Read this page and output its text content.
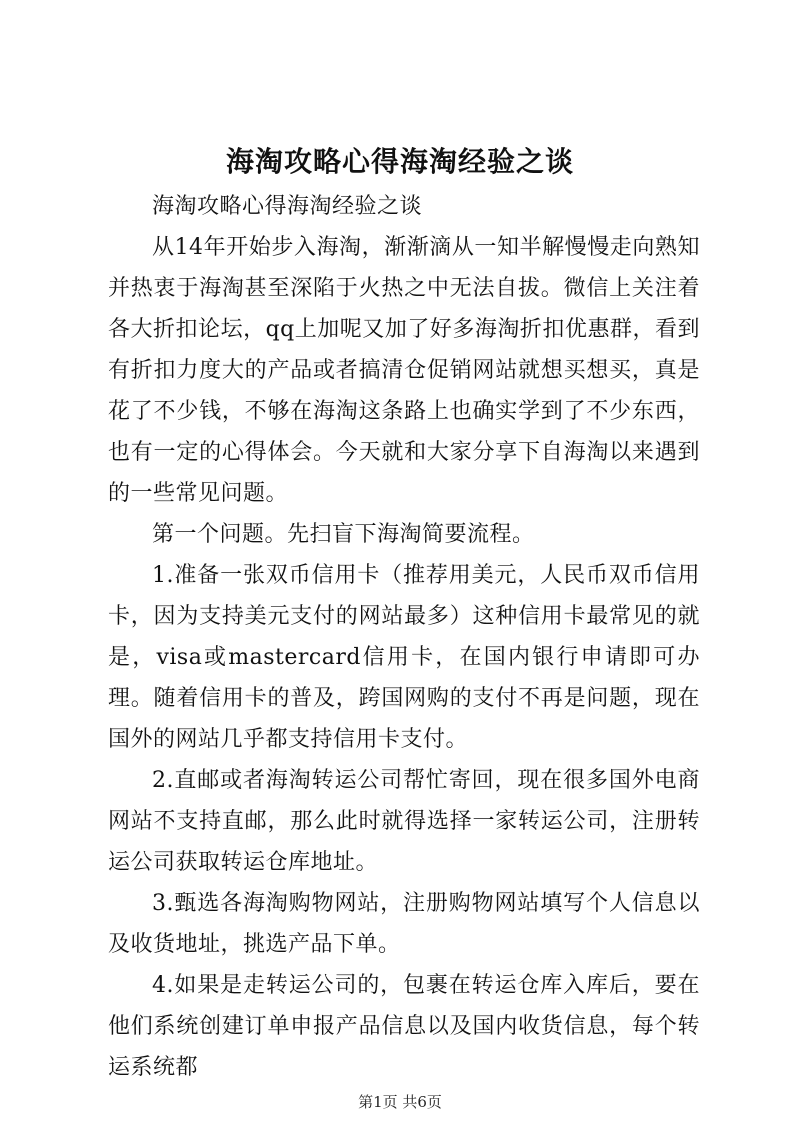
海淘攻略心得海淘经验之谈

海淘攻略心得海淘经验之谈

从14年开始步入海淘，渐渐滴从一知半解慢慢走向熟知并热衷于海淘甚至深陷于火热之中无法自拔。微信上关注着各大折扣论坛，qq上加呢又加了好多海淘折扣优惠群，看到有折扣力度大的产品或者搞清仓促销网站就想买想买，真是花了不少钱，不够在海淘这条路上也确实学到了不少东西，也有一定的心得体会。今天就和大家分享下自海淘以来遇到的一些常见问题。

第一个问题。先扫盲下海淘简要流程。

1.准备一张双币信用卡（推荐用美元，人民币双币信用卡，因为支持美元支付的网站最多）这种信用卡最常见的就是，visa或mastercard信用卡，在国内银行申请即可办理。随着信用卡的普及，跨国网购的支付不再是问题，现在国外的网站几乎都支持信用卡支付。

2.直邮或者海淘转运公司帮忙寄回，现在很多国外电商网站不支持直邮，那么此时就得选择一家转运公司，注册转运公司获取转运仓库地址。

3.甄选各海淘购物网站，注册购物网站填写个人信息以及收货地址，挑选产品下单。

4.如果是走转运公司的，包裹在转运仓库入库后，要在他们系统创建订单申报产品信息以及国内收货信息，每个转运系统都

第1页 共6页
